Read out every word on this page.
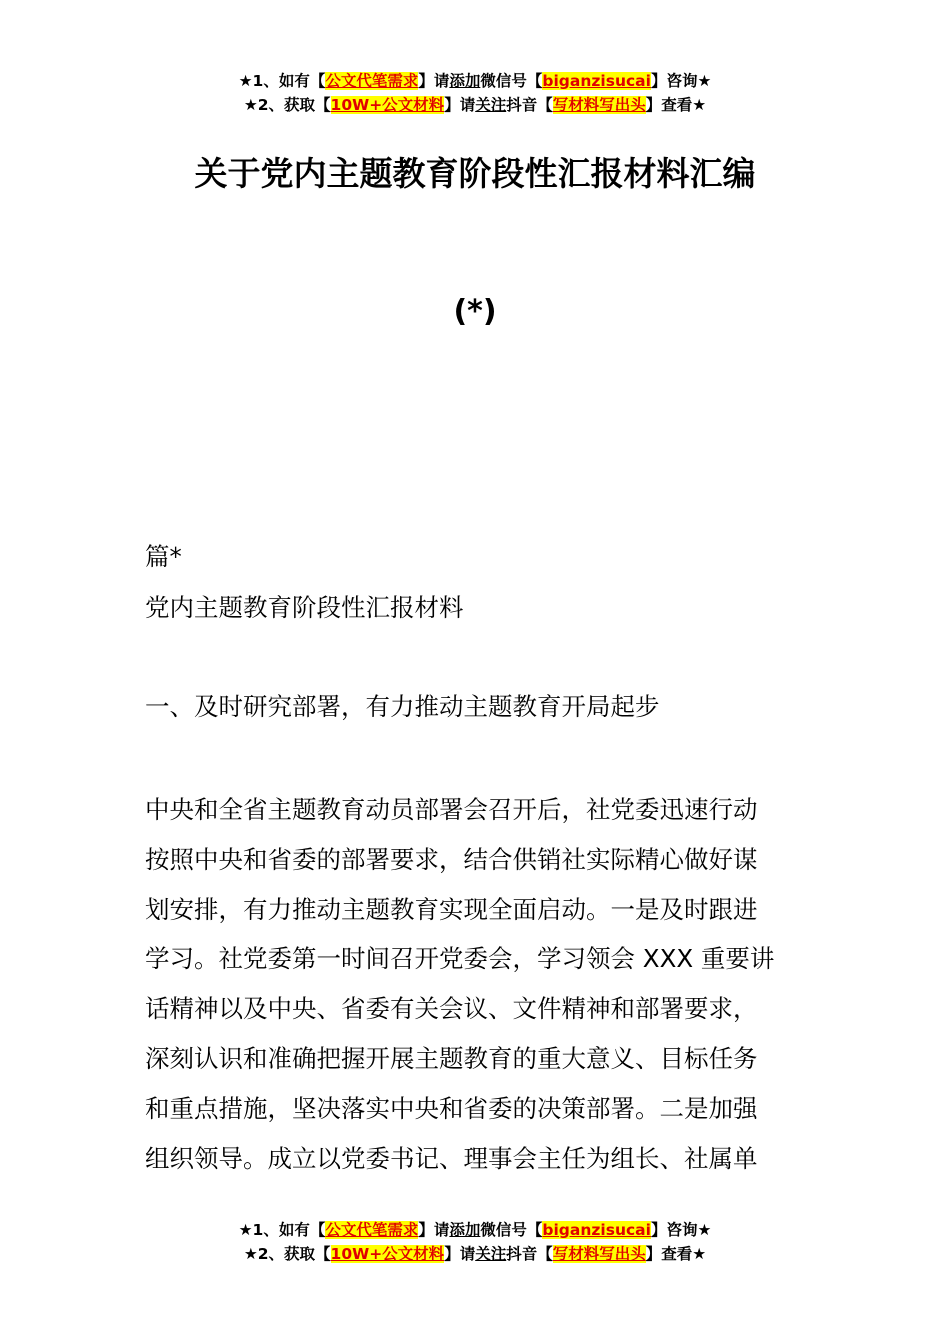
★1、如有【公文代笔需求】请添加微信号【biganzisucai】咨询★
★2、获取【10W+公文材料】请关注抖音【写材料写出头】查看★
关于党内主题教育阶段性汇报材料汇编
(*)
篇*
党内主题教育阶段性汇报材料
一、及时研究部署，有力推动主题教育开局起步
中央和全省主题教育动员部署会召开后，社党委迅速行动
按照中央和省委的部署要求，结合供销社实际精心做好谋
划安排，有力推动主题教育实现全面启动。一是及时跟进
学习。社党委第一时间召开党委会，学习领会 XXX 重要讲
话精神以及中央、省委有关会议、文件精神和部署要求，
深刻认识和准确把握开展主题教育的重大意义、目标任务
和重点措施，坚决落实中央和省委的决策部署。二是加强
组织领导。成立以党委书记、理事会主任为组长、社属单
★1、如有【公文代笔需求】请添加微信号【biganzisucai】咨询★
★2、获取【10W+公文材料】请关注抖音【写材料写出头】查看★
